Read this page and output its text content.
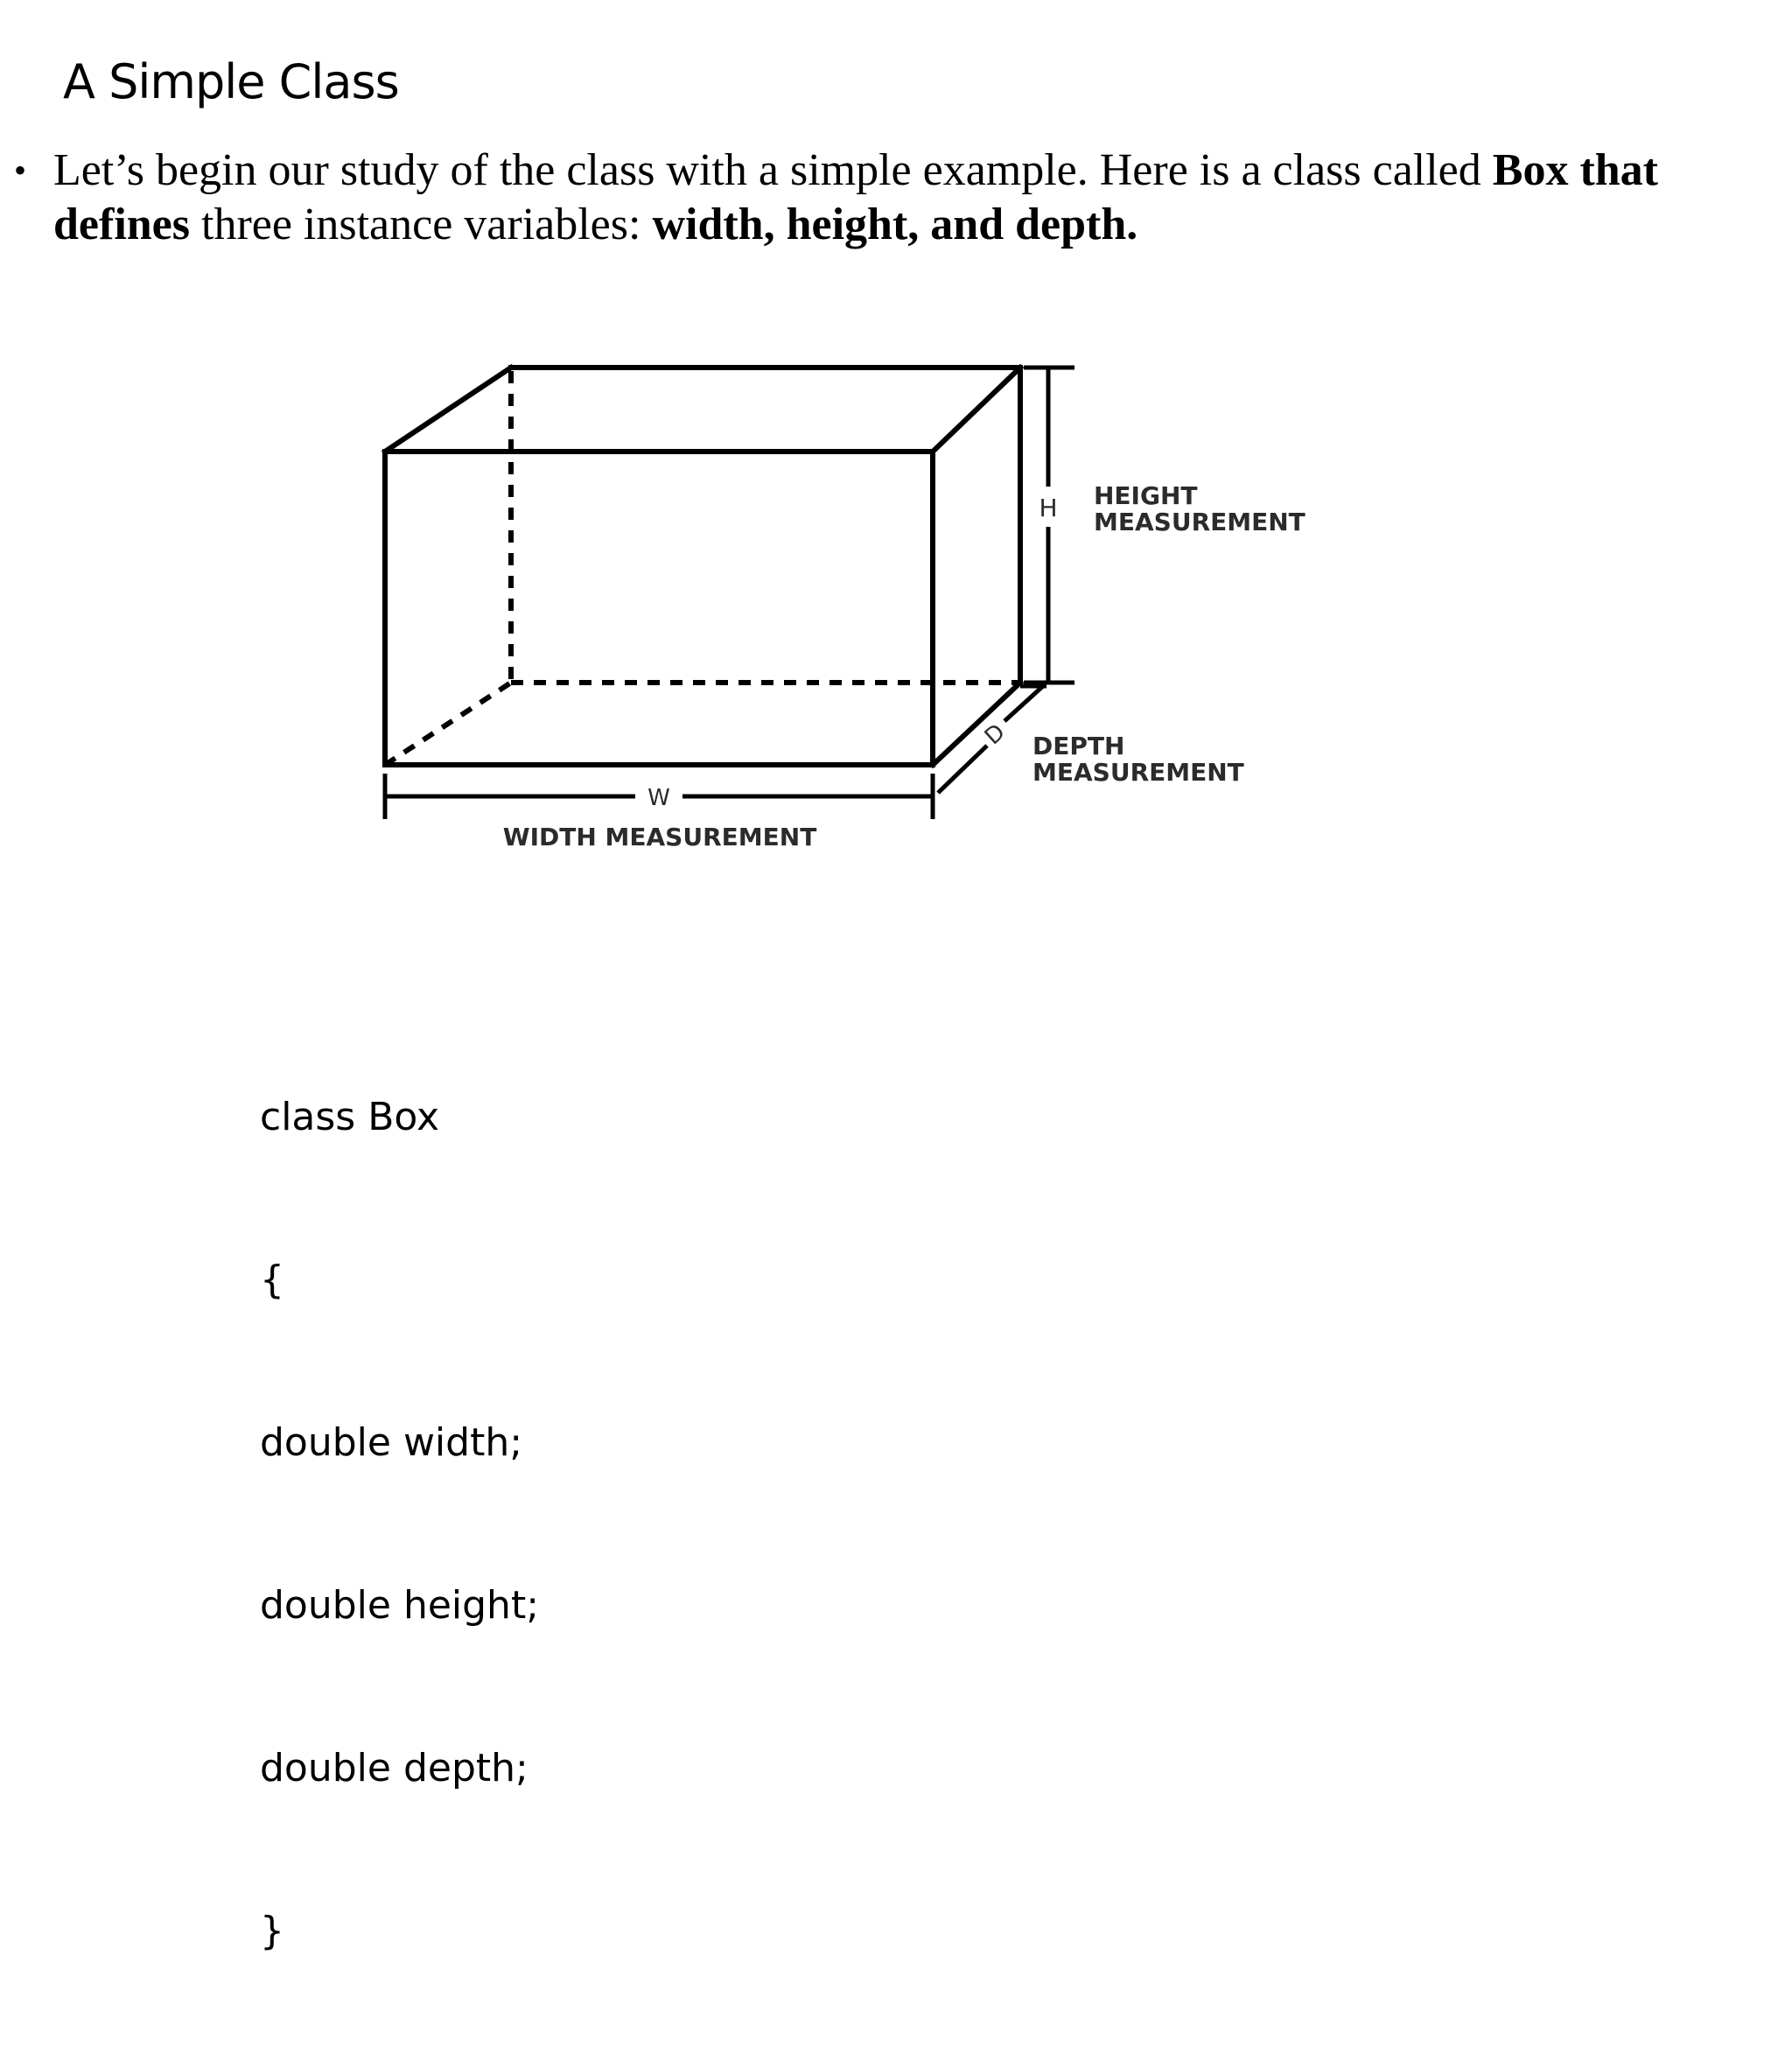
A Simple Class
• Let’s begin our study of the class with a simple example. Here is a class called Box that defines three instance variables: width, height, and depth.
H HEIGHT
MEASUREMENT
D DEPTH
MEASUREMENT
W
WIDTH MEASUREMENT

class Box

{

double width;

double height;

double depth;

}
